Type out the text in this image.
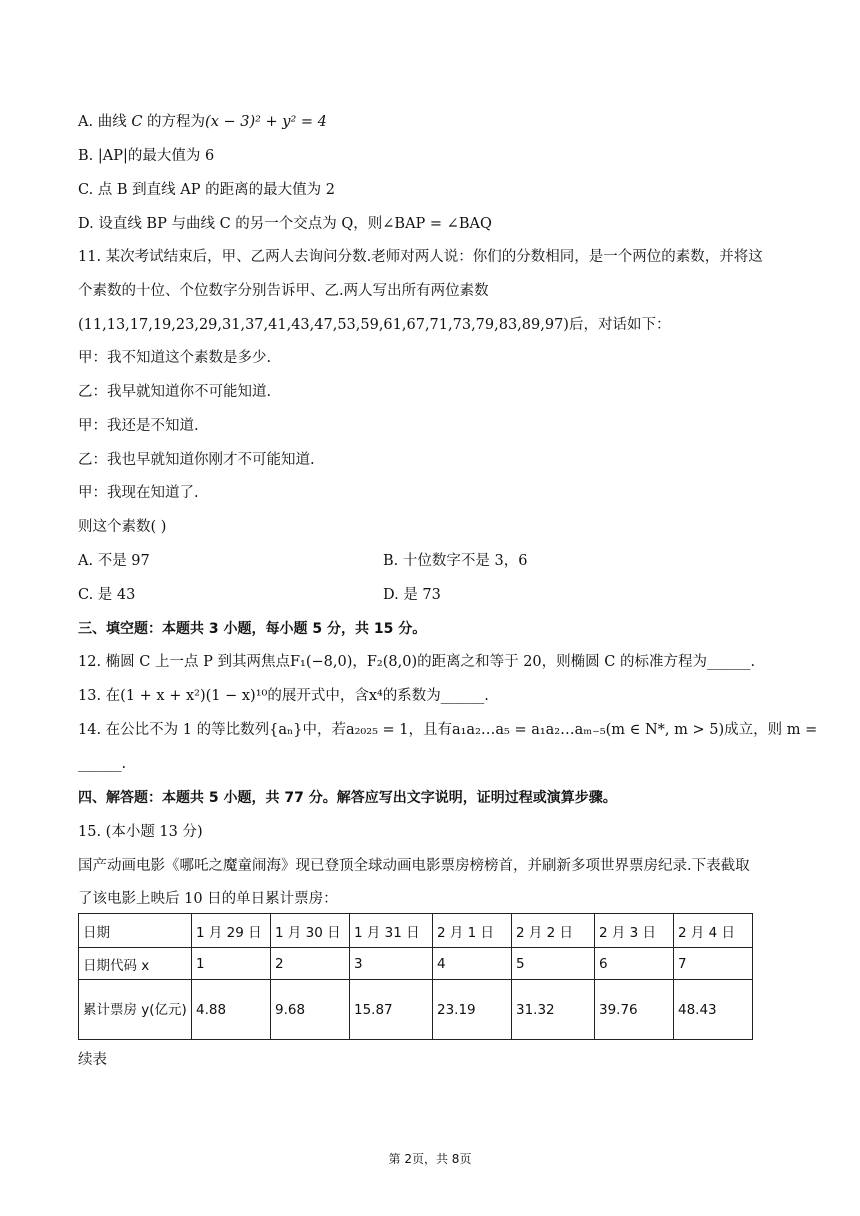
A. 曲线 C 的方程为(x − 3)² + y² = 4
B. |AP|的最大值为 6
C. 点 B 到直线 AP 的距离的最大值为 2
D. 设直线 BP 与曲线 C 的另一个交点为 Q，则∠BAP = ∠BAQ
11. 某次考试结束后，甲、乙两人去询问分数.老师对两人说：你们的分数相同，是一个两位的素数，并将这
个素数的十位、个位数字分别告诉甲、乙.两人写出所有两位素数
(11,13,17,19,23,29,31,37,41,43,47,53,59,61,67,71,73,79,83,89,97)后，对话如下：
甲：我不知道这个素数是多少.
乙：我早就知道你不可能知道.
甲：我还是不知道.
乙：我也早就知道你刚才不可能知道.
甲：我现在知道了.
则这个素数( )
A. 不是 97	B. 十位数字不是 3，6
C. 是 43	D. 是 73
三、填空题：本题共 3 小题，每小题 5 分，共 15 分。
12. 椭圆 C 上一点 P 到其两焦点F₁(−8,0)，F₂(8,0)的距离之和等于 20，则椭圆 C 的标准方程为______.
13. 在(1 + x + x²)(1 − x)¹⁰的展开式中，含x⁴的系数为______.
14. 在公比不为 1 的等比数列{aₙ}中，若a₂₀₂₅ = 1，且有a₁a₂…a₅ = a₁a₂…aₘ₋₅(m ∈ N*, m > 5)成立，则 m =
______.
四、解答题：本题共 5 小题，共 77 分。解答应写出文字说明，证明过程或演算步骤。
15. (本小题 13 分)
国产动画电影《哪吒之魔童闹海》现已登顶全球动画电影票房榜榜首，并刷新多项世界票房纪录.下表截取
了该电影上映后 10 日的单日累计票房：
日期	1 月 29 日	1 月 30 日	1 月 31 日	2 月 1 日	2 月 2 日	2 月 3 日	2 月 4 日
日期代码 x	1	2	3	4	5	6	7
累计票房 y(亿元)	4.88	9.68	15.87	23.19	31.32	39.76	48.43
续表
第 2页，共 8页
